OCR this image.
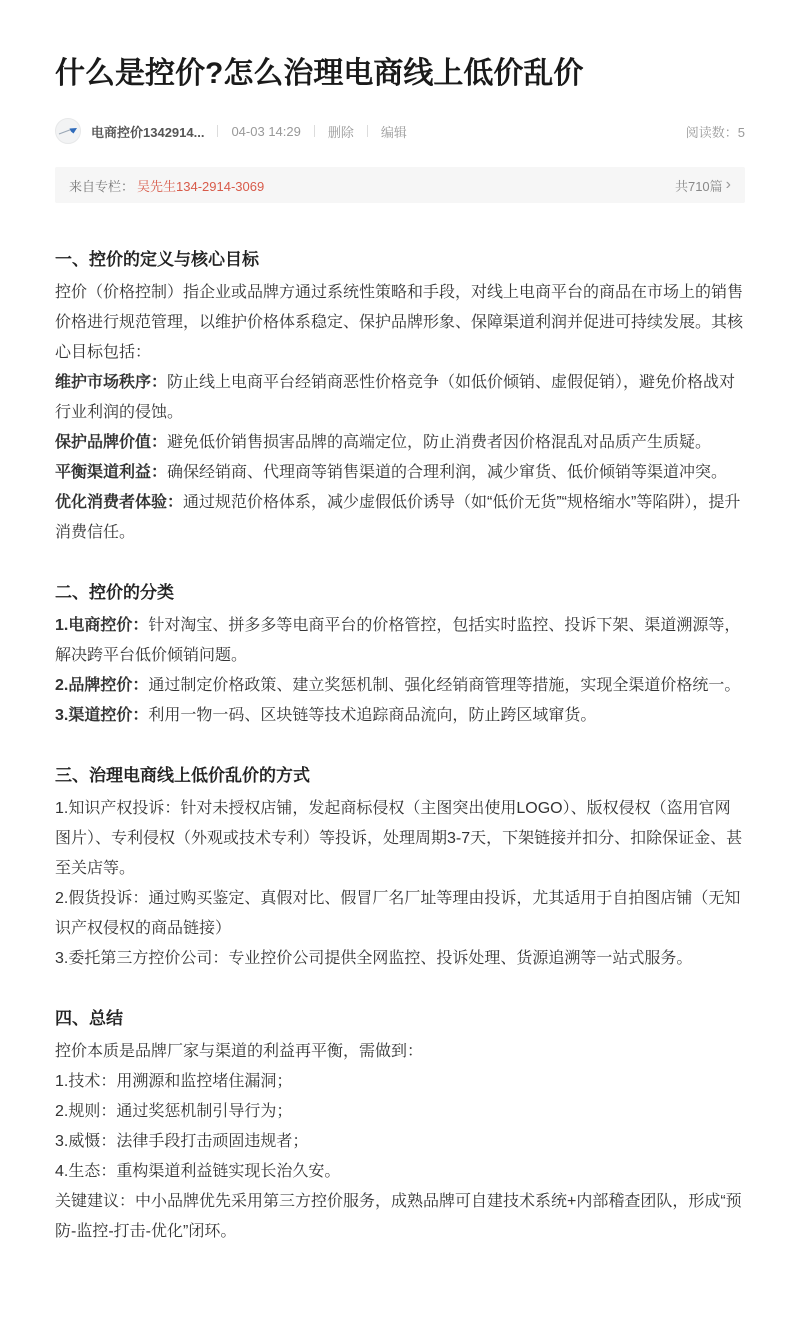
什么是控价?怎么治理电商线上低价乱价
电商控价1342914... 04-03 14:29 删除 编辑	阅读数：5
来自专栏： 吴先生134-2914-3069	共710篇 ›
一、控价的定义与核心目标

控价（价格控制）指企业或品牌方通过系统性策略和手段，对线上电商平台的商品在市场上的销售价格进行规范管理，以维护价格体系稳定、保护品牌形象、保障渠道利润并促进可持续发展。其核心目标包括：

维护市场秩序：防止线上电商平台经销商恶性价格竞争（如低价倾销、虚假促销），避免价格战对行业利润的侵蚀。

保护品牌价值：避免低价销售损害品牌的高端定位，防止消费者因价格混乱对品质产生质疑。

平衡渠道利益：确保经销商、代理商等销售渠道的合理利润，减少窜货、低价倾销等渠道冲突。

优化消费者体验：通过规范价格体系，减少虚假低价诱导（如“低价无货”“规格缩水”等陷阱），提升消费信任。

二、控价的分类

1.电商控价：针对淘宝、拼多多等电商平台的价格管控，包括实时监控、投诉下架、渠道溯源等，解决跨平台低价倾销问题。

2.品牌控价：通过制定价格政策、建立奖惩机制、强化经销商管理等措施，实现全渠道价格统一。

3.渠道控价：利用一物一码、区块链等技术追踪商品流向，防止跨区域窜货。

三、治理电商线上低价乱价的方式

1.知识产权投诉：针对未授权店铺，发起商标侵权（主图突出使用LOGO）、版权侵权（盗用官网图片）、专利侵权（外观或技术专利）等投诉，处理周期3-7天，下架链接并扣分、扣除保证金、甚至关店等。

2.假货投诉：通过购买鉴定、真假对比、假冒厂名厂址等理由投诉，尤其适用于自拍图店铺（无知识产权侵权的商品链接）

3.委托第三方控价公司：专业控价公司提供全网监控、投诉处理、货源追溯等一站式服务。

四、总结

控价本质是品牌厂家与渠道的利益再平衡，需做到：

1.技术：用溯源和监控堵住漏洞；

2.规则：通过奖惩机制引导行为；

3.威慑：法律手段打击顽固违规者；

4.生态：重构渠道利益链实现长治久安。

关键建议：中小品牌优先采用第三方控价服务，成熟品牌可自建技术系统+内部稽查团队，形成“预防-监控-打击-优化”闭环。
